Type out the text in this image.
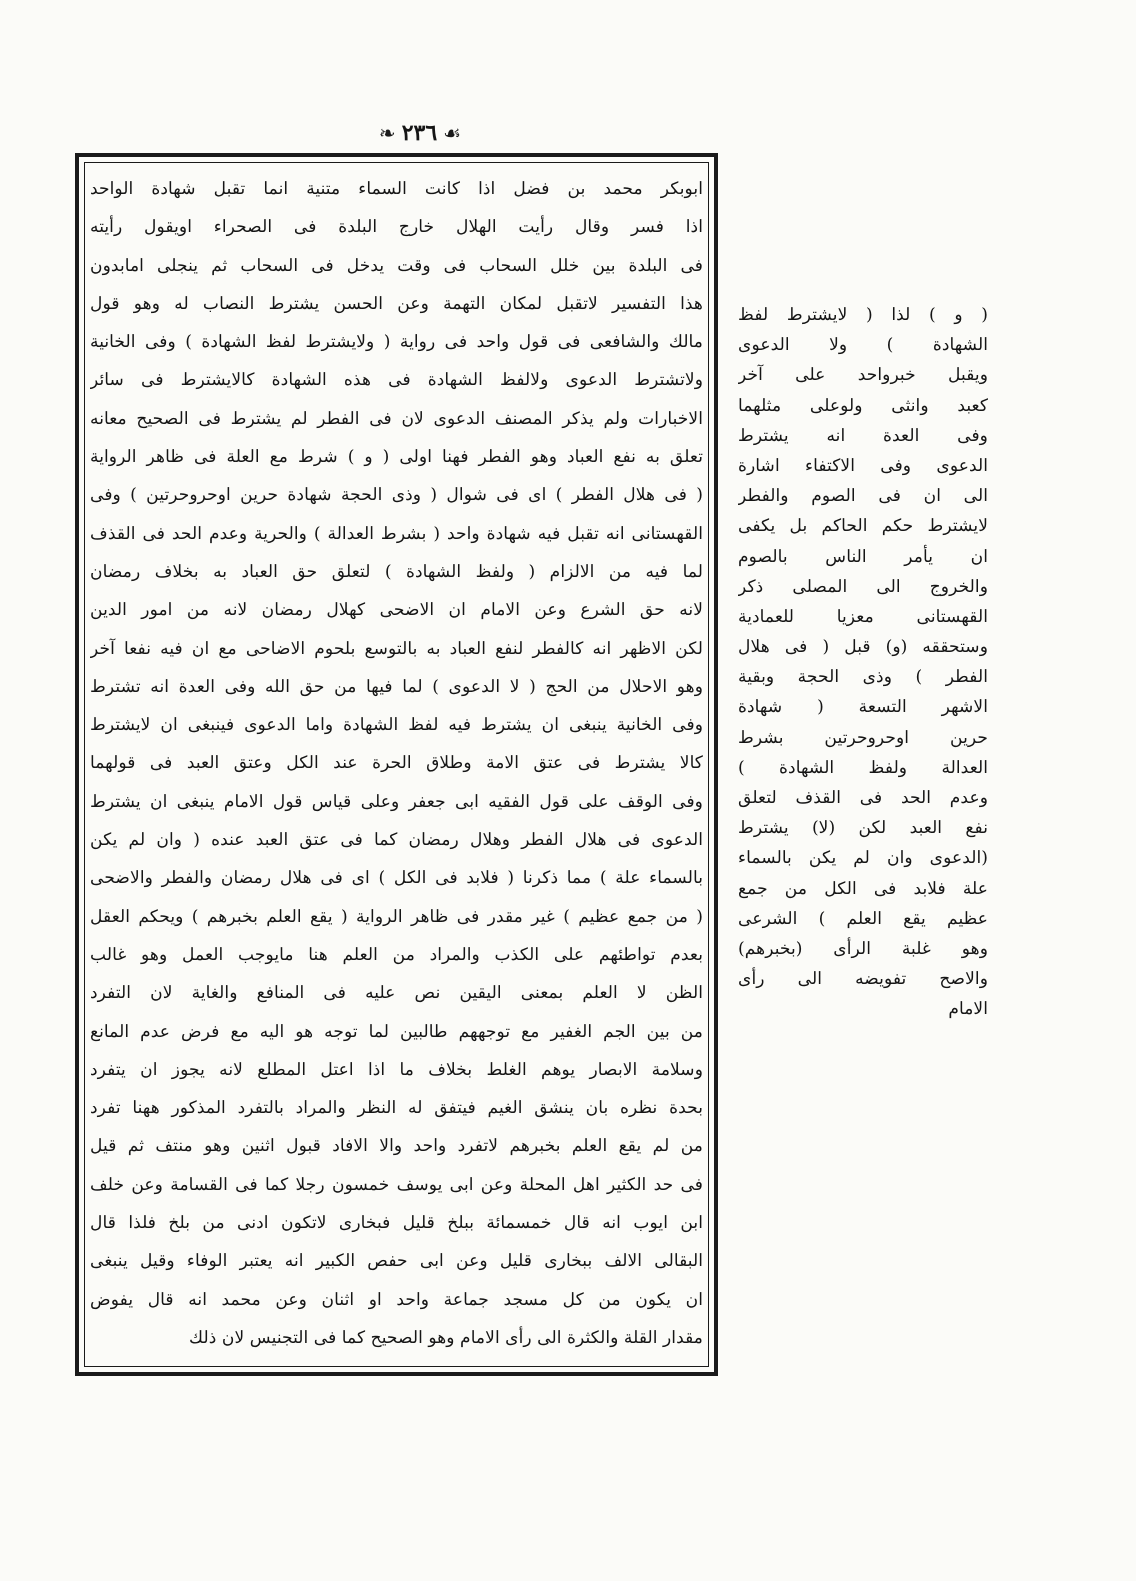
❧ ٢٣٦ ☙
ابوبكر محمد بن فضل اذا كانت السماء متنية انما تقبل شهادة الواحد
اذا فسر وقال رأيت الهلال خارج البلدة فى الصحراء اويقول رأيته
فى البلدة بين خلل السحاب فى وقت يدخل فى السحاب ثم ينجلى امابدون
هذا التفسير لاتقبل لمكان التهمة وعن الحسن يشترط النصاب له وهو قول
مالك والشافعى فى قول واحد فى رواية ( ولايشترط لفظ الشهادة ) وفى الخانية
ولاتشترط الدعوى ولالفظ الشهادة فى هذه الشهادة كالايشترط فى سائر
الاخبارات ولم يذكر المصنف الدعوى لان فى الفطر لم يشترط فى الصحيح معانه
تعلق به نفع العباد وهو الفطر فهنا اولى ( و ) شرط مع العلة فى ظاهر الرواية
( فى هلال الفطر ) اى فى شوال ( وذى الحجة شهادة حرين اوحروحرتين ) وفى
القهستانى انه تقبل فيه شهادة واحد ( بشرط العدالة ) والحرية وعدم الحد فى القذف
لما فيه من الالزام ( ولفظ الشهادة ) لتعلق حق العباد به بخلاف رمضان
لانه حق الشرع وعن الامام ان الاضحى كهلال رمضان لانه من امور الدين
لكن الاظهر انه كالفطر لنفع العباد به بالتوسع بلحوم الاضاحى مع ان فيه نفعا آخر
وهو الاحلال من الحج ( لا الدعوى ) لما فيها من حق الله وفى العدة انه تشترط
وفى الخانية ينبغى ان يشترط فيه لفظ الشهادة واما الدعوى فينبغى ان لايشترط
كالا يشترط فى عتق الامة وطلاق الحرة عند الكل وعتق العبد فى قولهما
وفى الوقف على قول الفقيه ابى جعفر وعلى قياس قول الامام ينبغى ان يشترط
الدعوى فى هلال الفطر وهلال رمضان كما فى عتق العبد عنده ( وان لم يكن
بالسماء علة ) مما ذكرنا ( فلابد فى الكل ) اى فى هلال رمضان والفطر والاضحى
( من جمع عظيم ) غير مقدر فى ظاهر الرواية ( يقع العلم بخبرهم ) ويحكم العقل
بعدم تواطئهم على الكذب والمراد من العلم هنا مايوجب العمل وهو غالب
الظن لا العلم بمعنى اليقين نص عليه فى المنافع والغاية لان التفرد
من بين الجم الغفير مع توجههم طالبين لما توجه هو اليه مع فرض عدم المانع
وسلامة الابصار يوهم الغلط بخلاف ما اذا اعتل المطلع لانه يجوز ان يتفرد
بحدة نظره بان ينشق الغيم فيتفق له النظر والمراد بالتفرد المذكور ههنا تفرد
من لم يقع العلم بخبرهم لاتفرد واحد والا الافاد قبول اثنين وهو منتف ثم قيل
فى حد الكثير اهل المحلة وعن ابى يوسف خمسون رجلا كما فى القسامة وعن خلف
ابن ايوب انه قال خمسمائة ببلخ قليل فبخارى لاتكون ادنى من بلخ فلذا قال
البقالى الالف ببخارى قليل وعن ابى حفص الكبير انه يعتبر الوفاء وقيل ينبغى
ان يكون من كل مسجد جماعة واحد او اثنان وعن محمد انه قال يفوض
مقدار القلة والكثرة الى رأى الامام وهو الصحيح كما فى التجنيس لان ذلك
( و ) لذا ( لايشترط لفظ
الشهادة ) ولا الدعوى
ويقبل خبرواحد على آخر
كعبد وانثى ولوعلى مثلهما
وفى العدة انه يشترط
الدعوى وفى الاكتفاء اشارة
الى ان فى الصوم والفطر
لايشترط حكم الحاكم بل يكفى
ان يأمر الناس بالصوم
والخروج الى المصلى ذكر
القهستانى معزيا للعمادية
وستحققه (و) قبل ( فى هلال
الفطر ) وذى الحجة وبقية
الاشهر التسعة ( شهادة
حرين اوحروحرتين بشرط
العدالة ولفظ الشهادة )
وعدم الحد فى القذف لتعلق
نفع العبد لكن (لا) يشترط
(الدعوى وان لم يكن بالسماء
علة فلابد فى الكل من جمع
عظيم يقع العلم ) الشرعى
وهو غلبة الرأى (بخبرهم)
والاصح تفويضه الى رأى
الامام
